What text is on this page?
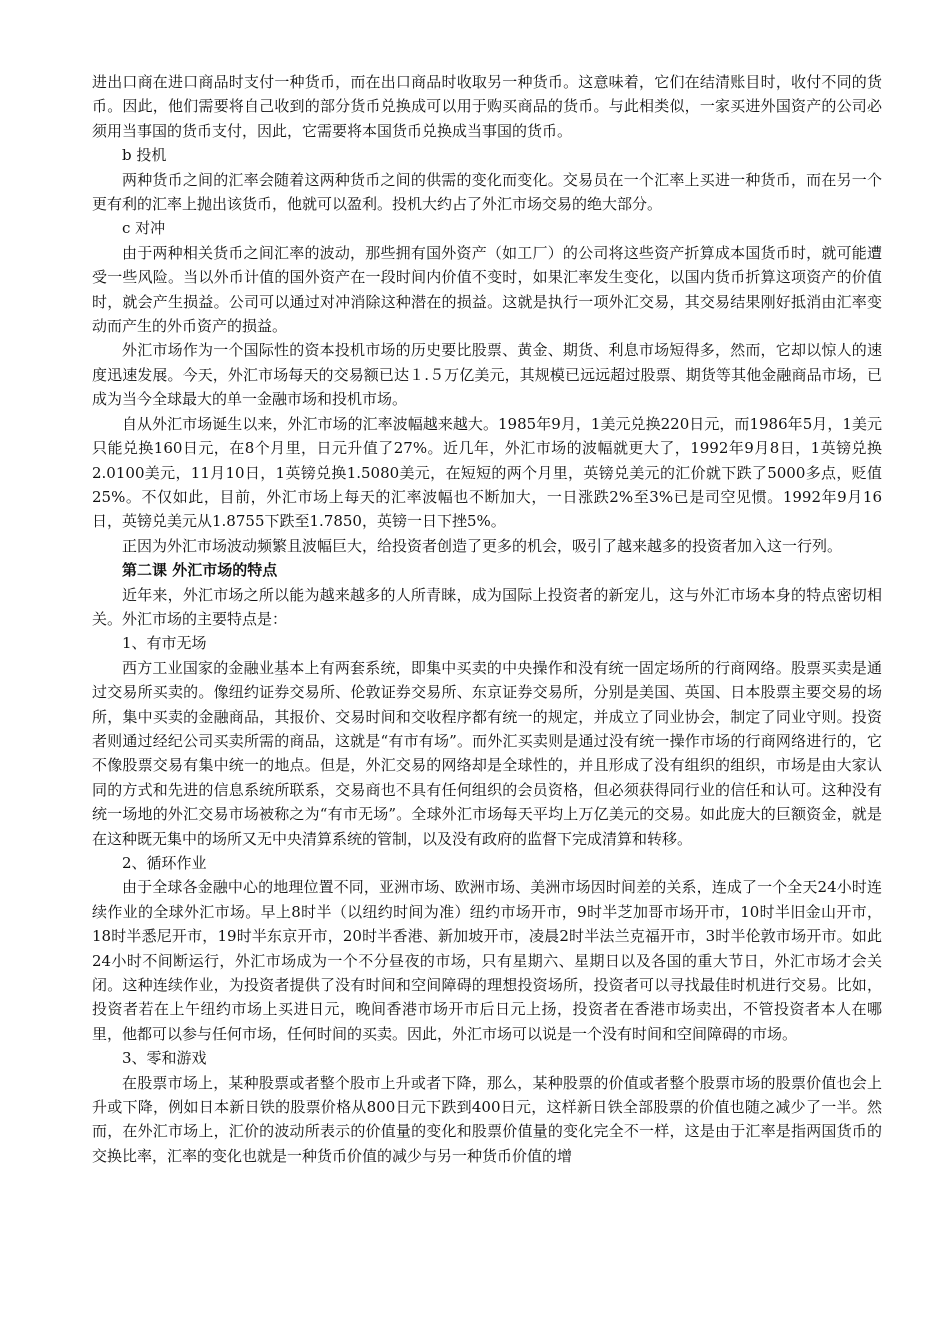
进出口商在进口商品时支付一种货币，而在出口商品时收取另一种货币。这意味着，它们在结清账目时，收付不同的货币。因此，他们需要将自己收到的部分货币兑换成可以用于购买商品的货币。与此相类似，一家买进外国资产的公司必须用当事国的货币支付，因此，它需要将本国货币兑换成当事国的货币。

b 投机

两种货币之间的汇率会随着这两种货币之间的供需的变化而变化。交易员在一个汇率上买进一种货币，而在另一个更有利的汇率上抛出该货币，他就可以盈利。投机大约占了外汇市场交易的绝大部分。

c 对冲

由于两种相关货币之间汇率的波动，那些拥有国外资产（如工厂）的公司将这些资产折算成本国货币时，就可能遭受一些风险。当以外币计值的国外资产在一段时间内价值不变时，如果汇率发生变化，以国内货币折算这项资产的价值时，就会产生损益。公司可以通过对冲消除这种潜在的损益。这就是执行一项外汇交易，其交易结果刚好抵消由汇率变动而产生的外币资产的损益。

外汇市场作为一个国际性的资本投机市场的历史要比股票、黄金、期货、利息市场短得多，然而，它却以惊人的速度迅速发展。今天，外汇市场每天的交易额已达１.５万亿美元，其规模已远远超过股票、期货等其他金融商品市场，已成为当今全球最大的单一金融市场和投机市场。

自从外汇市场诞生以来，外汇市场的汇率波幅越来越大。1985年9月，1美元兑换220日元，而1986年5月，1美元只能兑换160日元，在8个月里，日元升值了27%。近几年，外汇市场的波幅就更大了，1992年9月8日，1英镑兑换2.0100美元，11月10日，1英镑兑换1.5080美元，在短短的两个月里，英镑兑美元的汇价就下跌了5000多点，贬值25%。不仅如此，目前，外汇市场上每天的汇率波幅也不断加大，一日涨跌2%至3%已是司空见惯。1992年9月16日，英镑兑美元从1.8755下跌至1.7850，英镑一日下挫5%。

正因为外汇市场波动频繁且波幅巨大，给投资者创造了更多的机会，吸引了越来越多的投资者加入这一行列。

第二课 外汇市场的特点

近年来，外汇市场之所以能为越来越多的人所青睐，成为国际上投资者的新宠儿，这与外汇市场本身的特点密切相关。外汇市场的主要特点是：

1、有市无场

西方工业国家的金融业基本上有两套系统，即集中买卖的中央操作和没有统一固定场所的行商网络。股票买卖是通过交易所买卖的。像纽约证券交易所、伦敦证券交易所、东京证券交易所，分别是美国、英国、日本股票主要交易的场所，集中买卖的金融商品，其报价、交易时间和交收程序都有统一的规定，并成立了同业协会，制定了同业守则。投资者则通过经纪公司买卖所需的商品，这就是“有市有场”。而外汇买卖则是通过没有统一操作市场的行商网络进行的，它不像股票交易有集中统一的地点。但是，外汇交易的网络却是全球性的，并且形成了没有组织的组织，市场是由大家认同的方式和先进的信息系统所联系，交易商也不具有任何组织的会员资格，但必须获得同行业的信任和认可。这种没有统一场地的外汇交易市场被称之为“有市无场”。全球外汇市场每天平均上万亿美元的交易。如此庞大的巨额资金，就是在这种既无集中的场所又无中央清算系统的管制，以及没有政府的监督下完成清算和转移。

2、循环作业

由于全球各金融中心的地理位置不同，亚洲市场、欧洲市场、美洲市场因时间差的关系，连成了一个全天24小时连续作业的全球外汇市场。早上8时半（以纽约时间为准）纽约市场开市，9时半芝加哥市场开市，10时半旧金山开市，18时半悉尼开市，19时半东京开市，20时半香港、新加坡开市，凌晨2时半法兰克福开市，3时半伦敦市场开市。如此24小时不间断运行，外汇市场成为一个不分昼夜的市场，只有星期六、星期日以及各国的重大节日，外汇市场才会关闭。这种连续作业，为投资者提供了没有时间和空间障碍的理想投资场所，投资者可以寻找最佳时机进行交易。比如，投资者若在上午纽约市场上买进日元，晚间香港市场开市后日元上扬，投资者在香港市场卖出，不管投资者本人在哪里，他都可以参与任何市场，任何时间的买卖。因此，外汇市场可以说是一个没有时间和空间障碍的市场。

3、零和游戏

在股票市场上，某种股票或者整个股市上升或者下降，那么，某种股票的价值或者整个股票市场的股票价值也会上升或下降，例如日本新日铁的股票价格从800日元下跌到400日元，这样新日铁全部股票的价值也随之减少了一半。然而，在外汇市场上，汇价的波动所表示的价值量的变化和股票价值量的变化完全不一样，这是由于汇率是指两国货币的交换比率，汇率的变化也就是一种货币价值的减少与另一种货币价值的增
